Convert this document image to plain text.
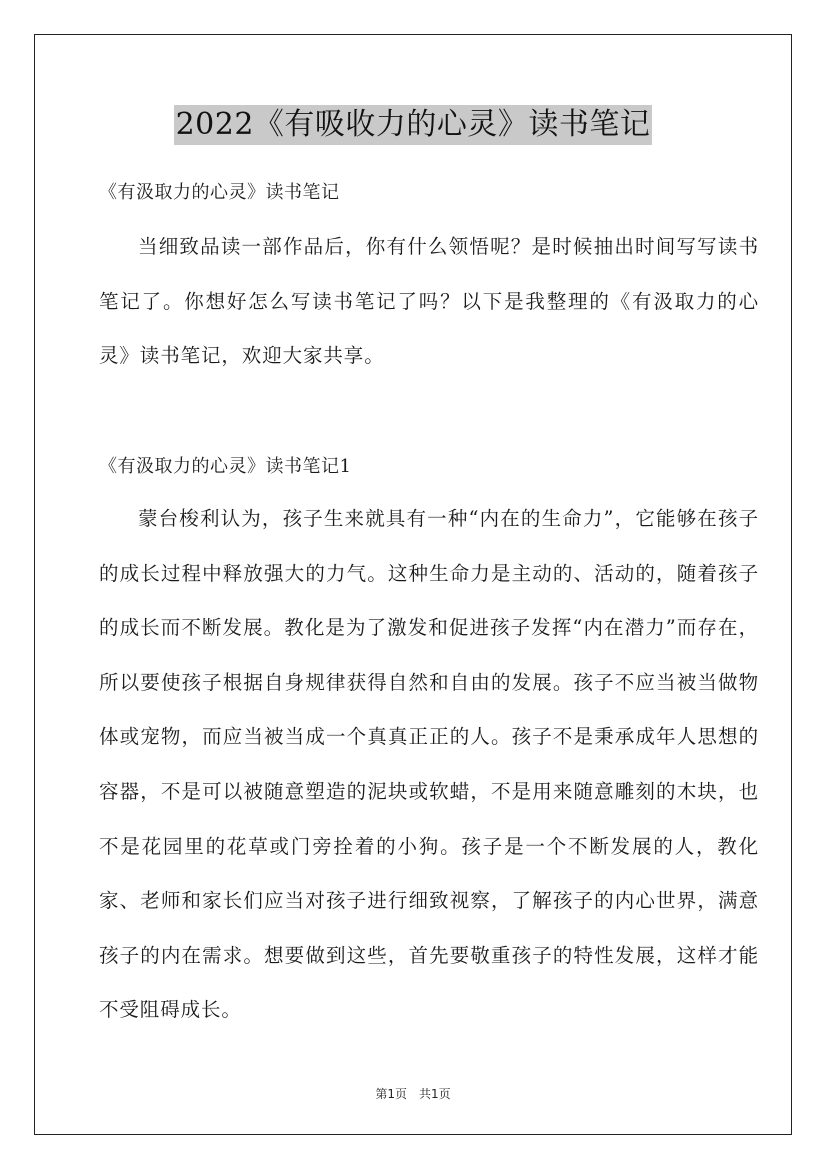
2022《有吸收力的心灵》读书笔记
《有汲取力的心灵》读书笔记

当细致品读一部作品后，你有什么领悟呢？是时候抽出时间写写读书笔记了。你想好怎么写读书笔记了吗？以下是我整理的《有汲取力的心灵》读书笔记，欢迎大家共享。

《有汲取力的心灵》读书笔记1

蒙台梭利认为，孩子生来就具有一种“内在的生命力”，它能够在孩子的成长过程中释放强大的力气。这种生命力是主动的、活动的，随着孩子的成长而不断发展。教化是为了激发和促进孩子发挥“内在潜力”而存在，所以要使孩子根据自身规律获得自然和自由的发展。孩子不应当被当做物体或宠物，而应当被当成一个真真正正的人。孩子不是秉承成年人思想的容器，不是可以被随意塑造的泥块或软蜡，不是用来随意雕刻的木块，也不是花园里的花草或门旁拴着的小狗。孩子是一个不断发展的人，教化家、老师和家长们应当对孩子进行细致视察，了解孩子的内心世界，满意孩子的内在需求。想要做到这些，首先要敬重孩子的特性发展，这样才能不受阻碍成长。

第1页　共1页
